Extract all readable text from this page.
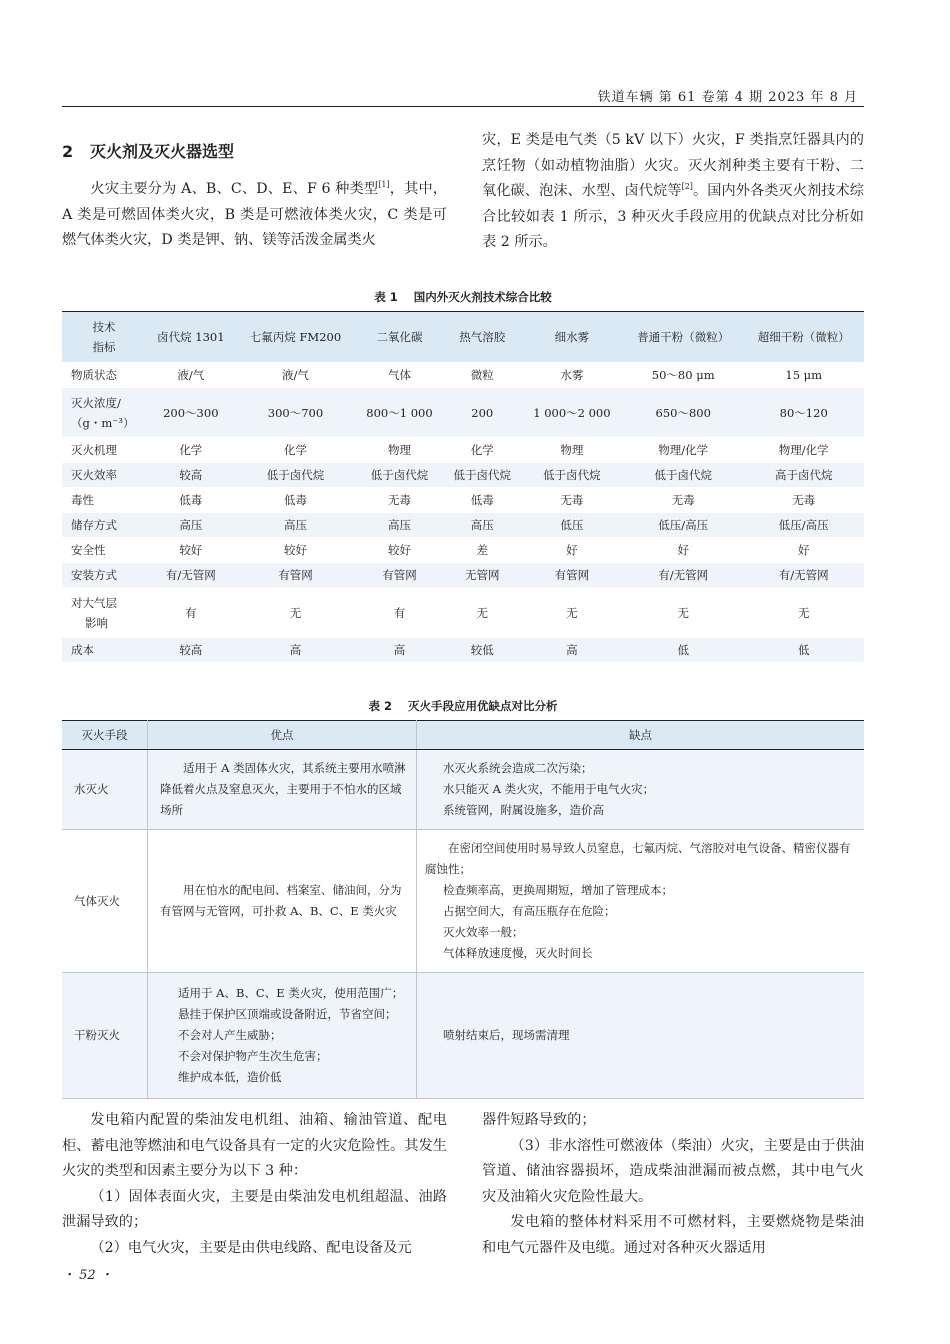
铁道车辆 第 61 卷第 4 期 2023 年 8 月
2 灭火剂及灭火器选型

火灾主要分为 A、B、C、D、E、F 6 种类型[1]，其中，A 类是可燃固体类火灾，B 类是可燃液体类火灾，C 类是可燃气体类火灾，D 类是钾、钠、镁等活泼金属类火

灾，E 类是电气类（5 kV 以下）火灾，F 类指烹饪器具内的烹饪物（如动植物油脂）火灾。灭火剂种类主要有干粉、二氧化碳、泡沫、水型、卤代烷等[2]。国内外各类灭火剂技术综合比较如表 1 所示，3 种灭火手段应用的优缺点对比分析如表 2 所示。

表 1 国内外灭火剂技术综合比较
技术
指标	卤代烷 1301	七氟丙烷 FM200	二氧化碳	热气溶胶	细水雾	普通干粉（微粒）	超细干粉（微粒）
物质状态	液/气	液/气	气体	微粒	水雾	50～80 μm	15 μm

灭火浓度/
（g・m⁻³）	200～300	300～700	800～1 000	200	1 000～2 000	650～800	80～120
灭火机理	化学	化学	物理	化学	物理	物理/化学	物理/化学
灭火效率	较高	低于卤代烷	低于卤代烷	低于卤代烷	低于卤代烷	低于卤代烷	高于卤代烷
毒性	低毒	低毒	无毒	低毒	无毒	无毒	无毒
储存方式	高压	高压	高压	高压	低压	低压/高压	低压/高压
安全性	较好	较好	较好	差	好	好	好
安装方式	有/无管网	有管网	有管网	无管网	有管网	有/无管网	有/无管网

对大气层
影响	有	无	有	无	无	无	无
成本	较高	高	高	较低	高	低	低
表 2 灭火手段应用优缺点对比分析
灭火手段	优点	缺点
水灭火	适用于 A 类固体火灾，其系统主要用水喷淋降低着火点及窒息灭火，主要用于不怕水的区域场所	水灭火系统会造成二次污染；
水只能灭 A 类火灾，不能用于电气火灾；
系统管网，附属设施多，造价高

气体灭火	用在怕水的配电间、档案室、储油间，分为有管网与无管网，可扑救 A、B、C、E 类火灾	在密闭空间使用时易导致人员窒息，七氟丙烷、气溶胶对电气设备、精密仪器有腐蚀性；
检查频率高，更换周期短，增加了管理成本；
占据空间大，有高压瓶存在危险；
灭火效率一般；
气体释放速度慢，灭火时间长

干粉灭火	适用于 A、B、C、E 类火灾，使用范围广；
悬挂于保护区顶端或设备附近，节省空间；
不会对人产生威胁；
不会对保护物产生次生危害；
维护成本低，造价低	喷射结束后，现场需清理

发电箱内配置的柴油发电机组、油箱、输油管道、配电柜、蓄电池等燃油和电气设备具有一定的火灾危险性。其发生火灾的类型和因素主要分为以下 3 种：

（1）固体表面火灾，主要是由柴油发电机组超温、油路泄漏导致的；

（2）电气火灾，主要是由供电线路、配电设备及元

器件短路导致的；

（3）非水溶性可燃液体（柴油）火灾，主要是由于供油管道、储油容器损坏，造成柴油泄漏而被点燃，其中电气火灾及油箱火灾危险性最大。

发电箱的整体材料采用不可燃材料，主要燃烧物是柴油和电气元器件及电缆。通过对各种灭火器适用

・ 52 ・
